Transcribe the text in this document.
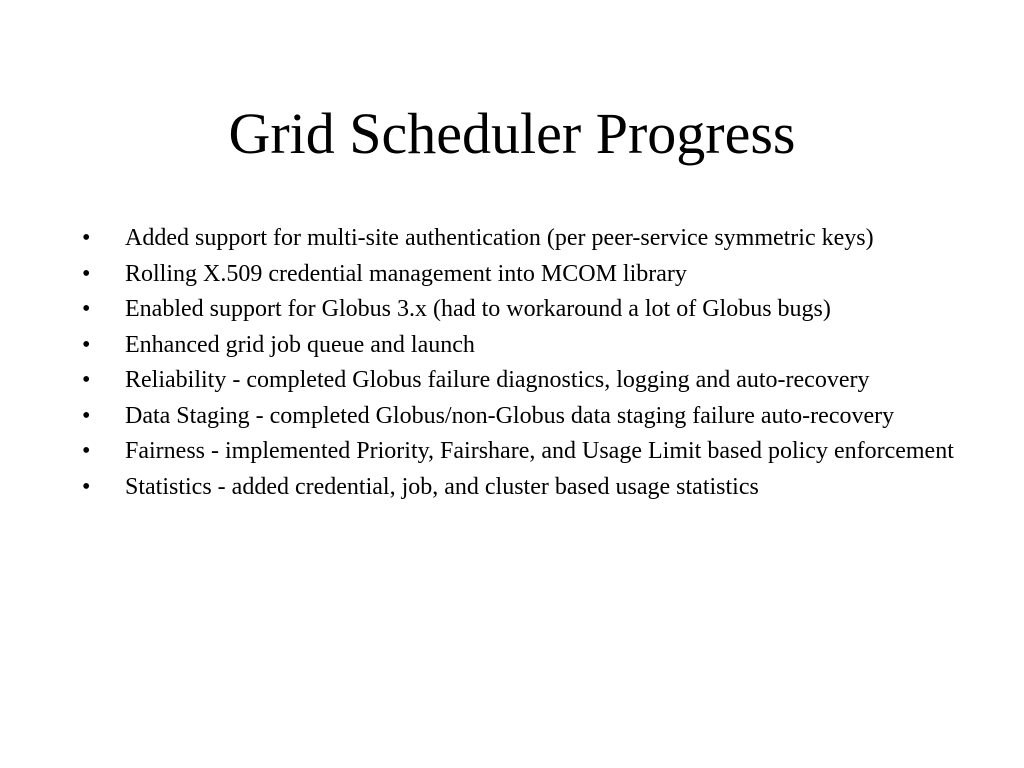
Grid Scheduler Progress
•	Added support for multi-site authentication (per peer-service symmetric keys)
•	Rolling X.509 credential management into MCOM library
•	Enabled support for Globus 3.x (had to workaround a lot of Globus bugs)
•	Enhanced grid job queue and launch
•	Reliability - completed Globus failure diagnostics, logging and auto-recovery
•	Data Staging - completed Globus/non-Globus data staging failure auto-recovery
•	Fairness - implemented Priority, Fairshare, and Usage Limit based policy enforcement
•	Statistics - added credential, job, and cluster based usage statistics
